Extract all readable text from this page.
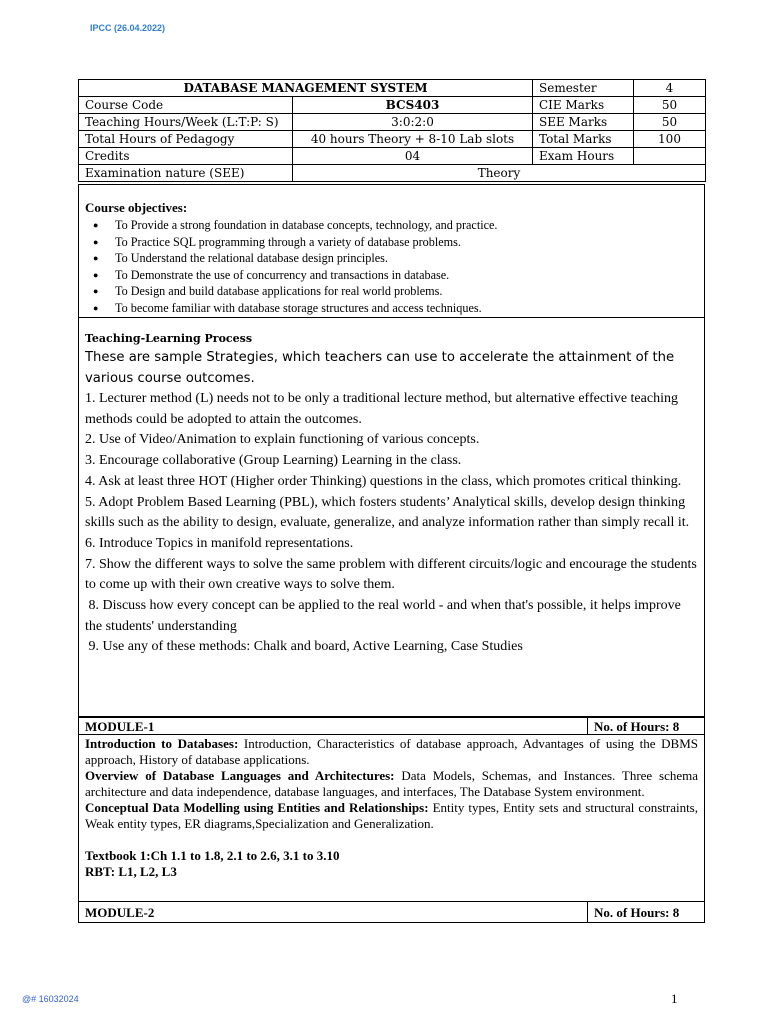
IPCC (26.04.2022)
DATABASE MANAGEMENT SYSTEM		Semester	4
Course Code	BCS403	CIE Marks	50
Teaching Hours/Week (L:T:P: S)	3:0:2:0	SEE Marks	50
Total Hours of Pedagogy	40 hours Theory + 8-10 Lab slots	Total Marks	100
Credits	04	Exam Hours	
Examination nature (SEE)	Theory		
Course objectives:
● To Provide a strong foundation in database concepts, technology, and practice.
● To Practice SQL programming through a variety of database problems.
● To Understand the relational database design principles.
● To Demonstrate the use of concurrency and transactions in database.
● To Design and build database applications for real world problems.
● To become familiar with database storage structures and access techniques.
Teaching-Learning Process
These are sample Strategies, which teachers can use to accelerate the attainment of the various course outcomes.
1. Lecturer method (L) needs not to be only a traditional lecture method, but alternative effective teaching methods could be adopted to attain the outcomes.
2. Use of Video/Animation to explain functioning of various concepts.
3. Encourage collaborative (Group Learning) Learning in the class.
4. Ask at least three HOT (Higher order Thinking) questions in the class, which promotes critical thinking.
5. Adopt Problem Based Learning (PBL), which fosters students’ Analytical skills, develop design thinking skills such as the ability to design, evaluate, generalize, and analyze information rather than simply recall it.
6. Introduce Topics in manifold representations.
7. Show the different ways to solve the same problem with different circuits/logic and encourage the students to come up with their own creative ways to solve them.
8. Discuss how every concept can be applied to the real world - and when that's possible, it helps improve the students' understanding
9. Use any of these methods: Chalk and board, Active Learning, Case Studies
MODULE-1	No. of Hours: 8

Introduction to Databases: Introduction, Characteristics of database approach, Advantages of using the DBMS approach, History of database applications.

Overview of Database Languages and Architectures: Data Models, Schemas, and Instances. Three schema architecture and data independence, database languages, and interfaces, The Database System environment.

Conceptual Data Modelling using Entities and Relationships: Entity types, Entity sets and structural constraints, Weak entity types, ER diagrams,Specialization and Generalization.

Textbook 1:Ch 1.1 to 1.8, 2.1 to 2.6, 3.1 to 3.10

RBT: L1, L2, L3

MODULE-2	No. of Hours: 8
@# 16032024	1
